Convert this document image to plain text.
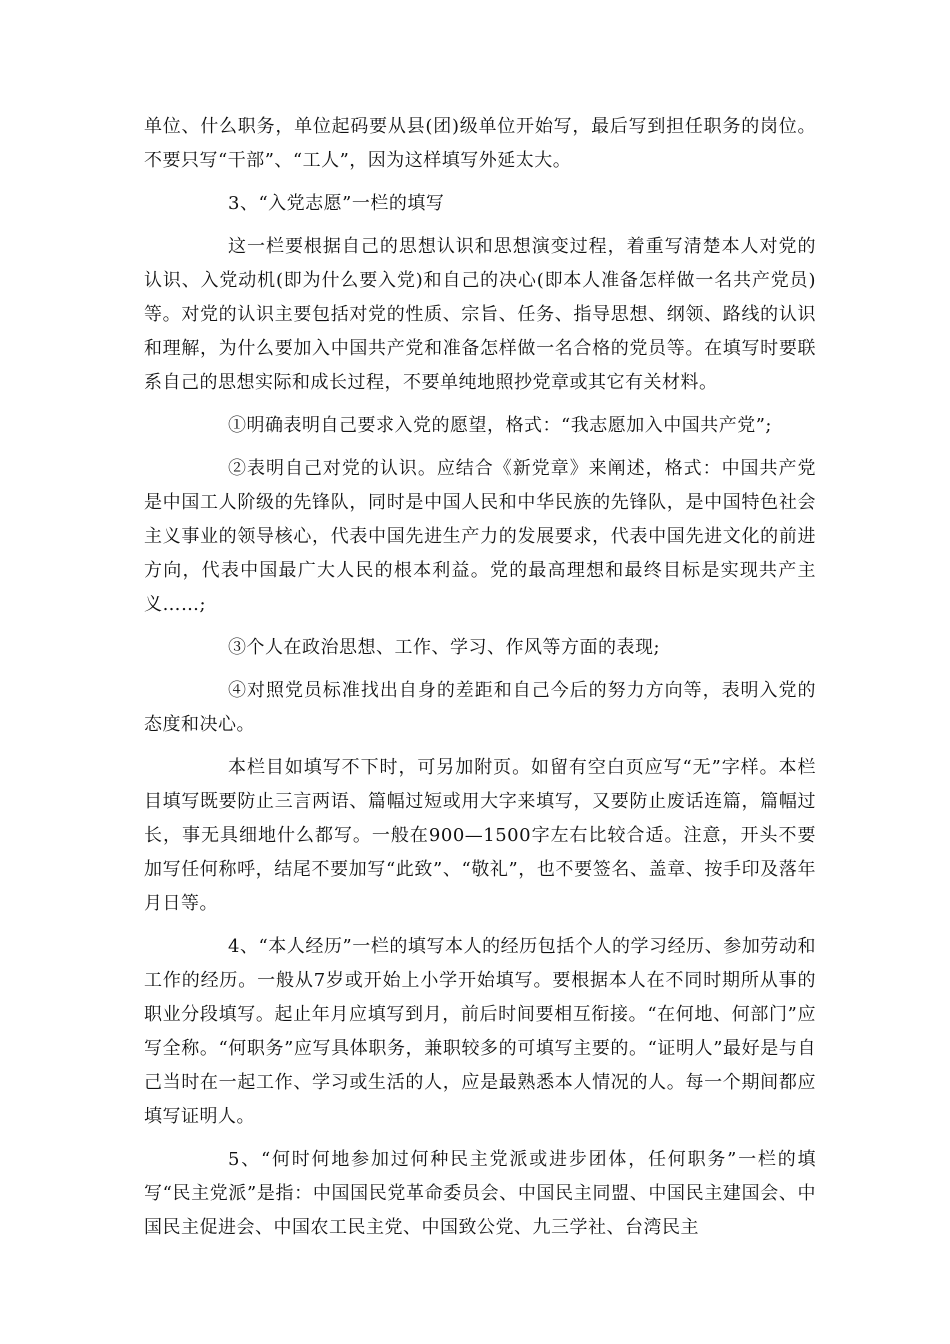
单位、什么职务，单位起码要从县(团)级单位开始写，最后写到担任职务的岗位。不要只写“干部”、“工人”，因为这样填写外延太大。

3、“入党志愿”一栏的填写

这一栏要根据自己的思想认识和思想演变过程，着重写清楚本人对党的认识、入党动机(即为什么要入党)和自己的决心(即本人准备怎样做一名共产党员)等。对党的认识主要包括对党的性质、宗旨、任务、指导思想、纲领、路线的认识和理解，为什么要加入中国共产党和准备怎样做一名合格的党员等。在填写时要联系自己的思想实际和成长过程，不要单纯地照抄党章或其它有关材料。

①明确表明自己要求入党的愿望，格式：“我志愿加入中国共产党”;

②表明自己对党的认识。应结合《新党章》来阐述，格式：中国共产党是中国工人阶级的先锋队，同时是中国人民和中华民族的先锋队，是中国特色社会主义事业的领导核心，代表中国先进生产力的发展要求，代表中国先进文化的前进方向，代表中国最广大人民的根本利益。党的最高理想和最终目标是实现共产主义……;

③个人在政治思想、工作、学习、作风等方面的表现;

④对照党员标准找出自身的差距和自己今后的努力方向等，表明入党的态度和决心。

本栏目如填写不下时，可另加附页。如留有空白页应写“无”字样。本栏目填写既要防止三言两语、篇幅过短或用大字来填写，又要防止废话连篇，篇幅过长，事无具细地什么都写。一般在900—1500字左右比较合适。注意，开头不要加写任何称呼，结尾不要加写“此致”、“敬礼”，也不要签名、盖章、按手印及落年月日等。

4、“本人经历”一栏的填写本人的经历包括个人的学习经历、参加劳动和工作的经历。一般从7岁或开始上小学开始填写。要根据本人在不同时期所从事的职业分段填写。起止年月应填写到月，前后时间要相互衔接。“在何地、何部门”应写全称。“何职务”应写具体职务，兼职较多的可填写主要的。“证明人”最好是与自己当时在一起工作、学习或生活的人，应是最熟悉本人情况的人。每一个期间都应填写证明人。

5、“何时何地参加过何种民主党派或进步团体，任何职务”一栏的填写“民主党派”是指：中国国民党革命委员会、中国民主同盟、中国民主建国会、中国民主促进会、中国农工民主党、中国致公党、九三学社、台湾民主
